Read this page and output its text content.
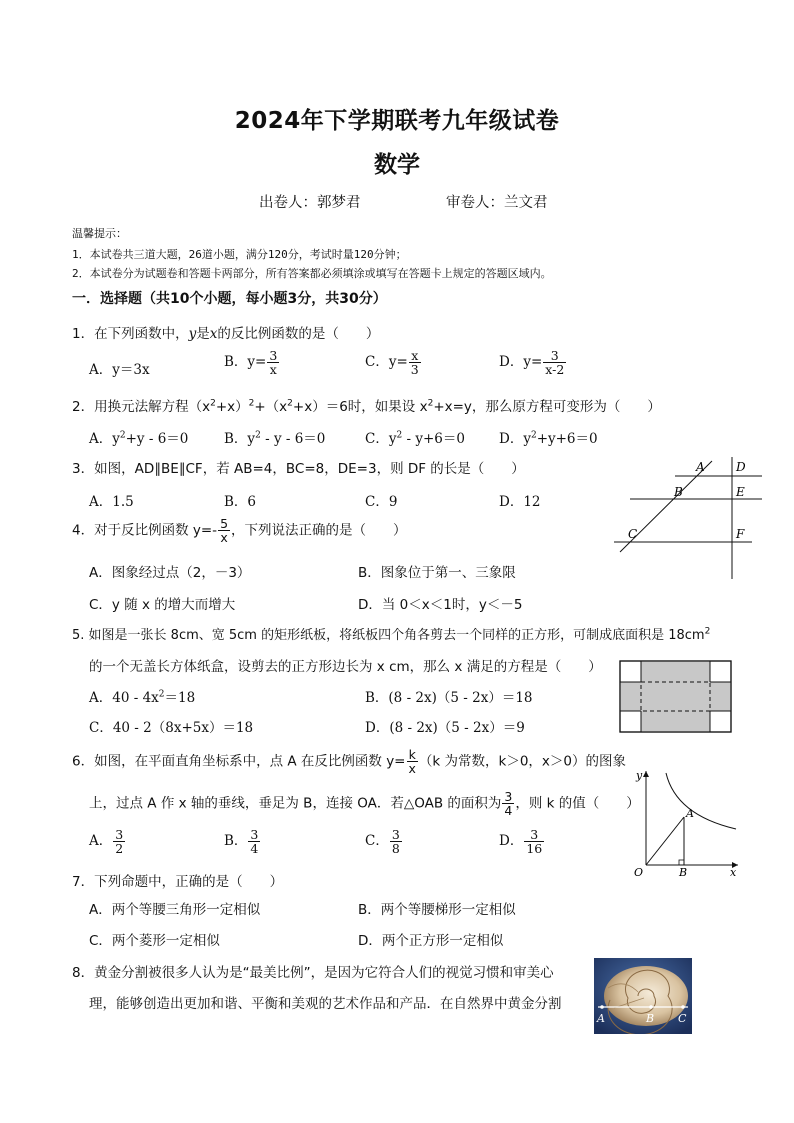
2024年下学期联考九年级试卷
数学
出卷人：郭梦君	审卷人：兰文君
温馨提示：
1．本试卷共三道大题，26道小题，满分120分，考试时量120分钟；
2．本试卷分为试题卷和答题卡两部分，所有答案都必须填涂或填写在答题卡上规定的答题区域内。
一．选择题（共10个小题，每小题3分，共30分）
1．在下列函数中，y是x的反比例函数的是（　　）
A．y＝3x	B．$y= \frac{3}{x}$	C．$y= \frac{x}{3}$	D．$y= \frac{3}{x-2}$
2．用换元法解方程$(x^2+x)^2+(x^2+x)=6$时，如果设 $x^2+x=y$，那么原方程可变形为（　　）
A．$y^2+y - 6=0$	B．$y^2 - y - 6=0$	C．$y^2 - y+6=0$	D．$y^2+y+6=0$
3．如图，AD∥BE∥CF，若 AB=4，BC=8，DE=3，则 DF 的长是（　　）
A．1.5	B．6	C．9	D．12
A	D
B	E
C	F
4．对于反比例函数 $y=- \frac{5}{x}$ ，下列说法正确的是（　　）
A．图象经过点（2，－3）	B．图象位于第一、三象限
C．y 随 x 的增大而增大	D．当 0＜x＜1时，y＜－5
5. 如图是一张长 8cm、宽 5cm 的矩形纸板，将纸板四个角各剪去一个同样的正方形，可制成底面积是 $18cm^2$
的一个无盖长方体纸盒，设剪去的正方形边长为 x cm，那么 x 满足的方程是（　　）
A．$40 - 4x^2=18$	B．(8 - 2x)（5 - 2x）＝18
C．40 - 2（8x+5x）＝18	D．(8 - 2x)（5 - 2x）＝9
6．如图，在平面直角坐标系中，点 A 在反比例函数 $y= \frac{k}{x} (k$ 为常数，k＞0，x＞0）的图象
上，过点 A 作 x 轴的垂线，垂足为 B，连接 OA．若△OAB 的面积为 $\frac{3}{4}$ ，则 k 的值（　　）
A． $\frac{3}{2}$	B． $\frac{3}{4}$	C． $\frac{3}{8}$	D． $\frac{3}{16}$
y
x
O
A
B
7．下列命题中，正确的是（　　）
A．两个等腰三角形一定相似	B．两个等腰梯形一定相似
C．两个菱形一定相似	D．两个正方形一定相似
8．黄金分割被很多人认为是“最美比例”，是因为它符合人们的视觉习惯和审美心
理，能够创造出更加和谐、平衡和美观的艺术作品和产品．在自然界中黄金分割
A	B C
